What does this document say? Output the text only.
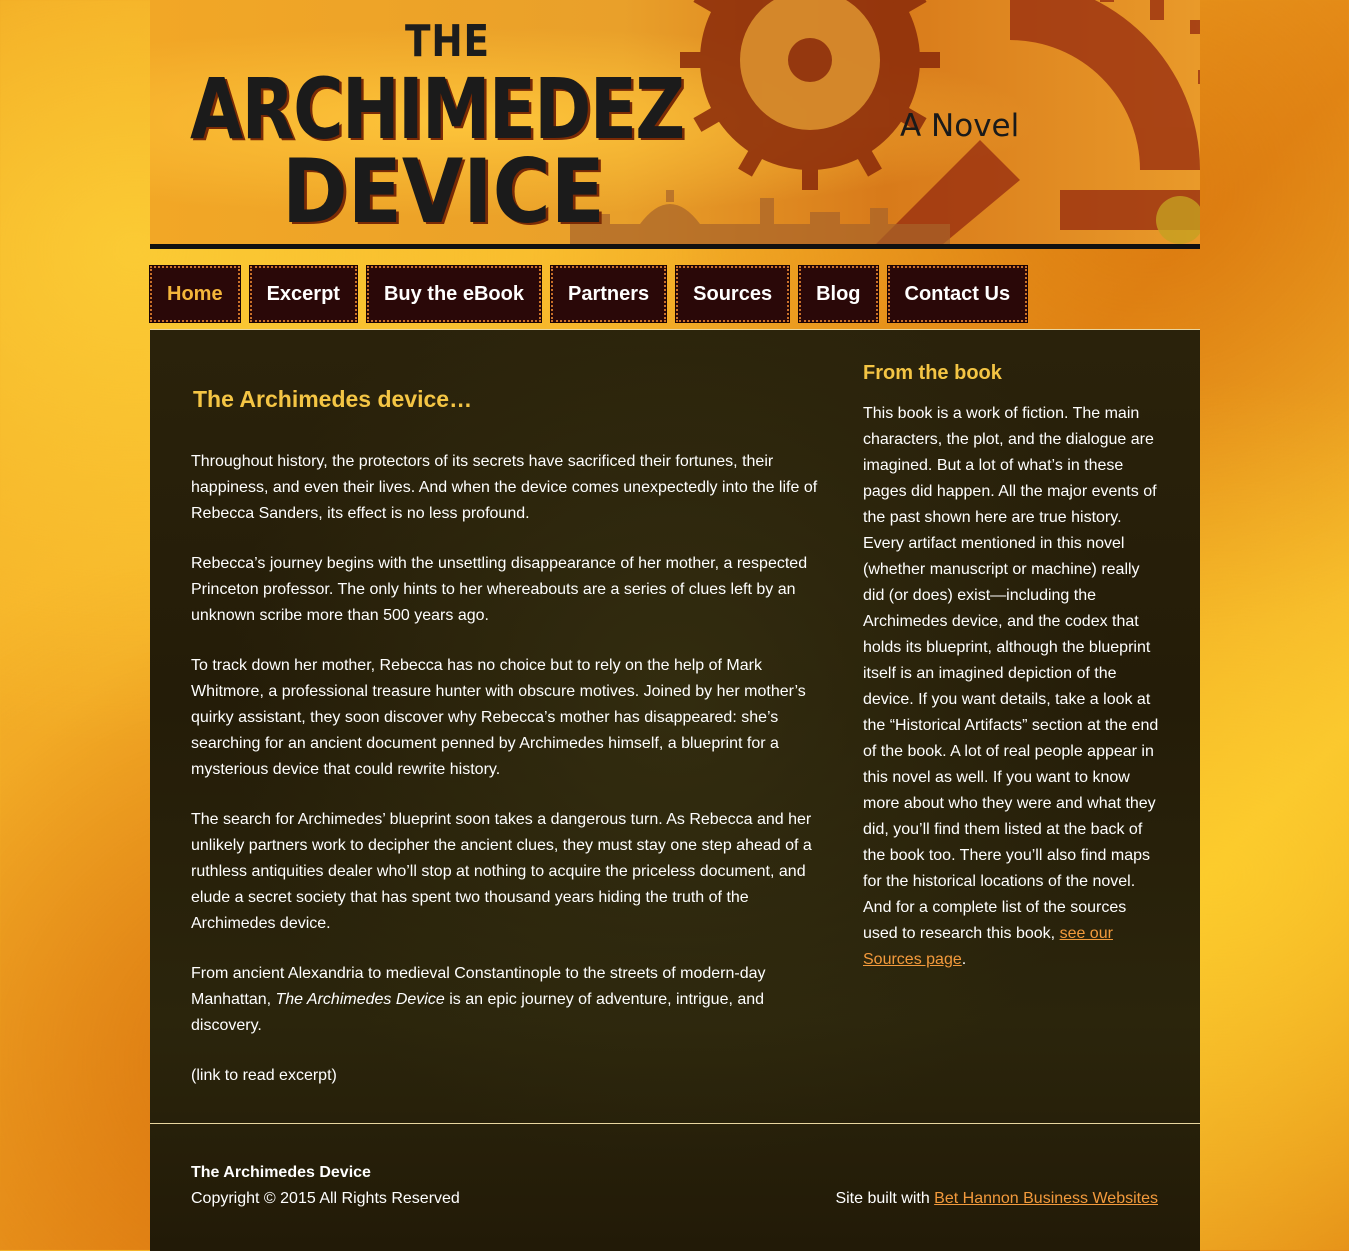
THE
ARCHIMEDEZ
DEVICE
A Novel
Home	Excerpt	Buy the eBook	Partners	Sources	Blog	Contact Us
The Archimedes device…

Throughout history, the protectors of its secrets have sacrificed their fortunes, their happiness, and even their lives. And when the device comes unexpectedly into the life of Rebecca Sanders, its effect is no less profound.

Rebecca’s journey begins with the unsettling disappearance of her mother, a respected Princeton professor. The only hints to her whereabouts are a series of clues left by an unknown scribe more than 500 years ago.

To track down her mother, Rebecca has no choice but to rely on the help of Mark Whitmore, a professional treasure hunter with obscure motives. Joined by her mother’s quirky assistant, they soon discover why Rebecca’s mother has disappeared: she’s searching for an ancient document penned by Archimedes himself, a blueprint for a mysterious device that could rewrite history.

The search for Archimedes’ blueprint soon takes a dangerous turn. As Rebecca and her unlikely partners work to decipher the ancient clues, they must stay one step ahead of a ruthless antiquities dealer who’ll stop at nothing to acquire the priceless document, and elude a secret society that has spent two thousand years hiding the truth of the Archimedes device.

From ancient Alexandria to medieval Constantinople to the streets of modern-day Manhattan, The Archimedes Device is an epic journey of adventure, intrigue, and discovery.

(link to read excerpt)

From the book

This book is a work of fiction. The main characters, the plot, and the dialogue are imagined. But a lot of what’s in these pages did happen. All the major events of the past shown here are true history. Every artifact mentioned in this novel (whether manuscript or machine) really did (or does) exist—including the Archimedes device, and the codex that holds its blueprint, although the blueprint itself is an imagined depiction of the device. If you want details, take a look at the “Historical Artifacts” section at the end of the book. A lot of real people appear in this novel as well. If you want to know more about who they were and what they did, you’ll find them listed at the back of the book too. There you’ll also find maps for the historical locations of the novel. And for a complete list of the sources used to research this book, see our Sources page.

The Archimedes Device
Copyright © 2015 All Rights Reserved	Site built with Bet Hannon Business Websites
